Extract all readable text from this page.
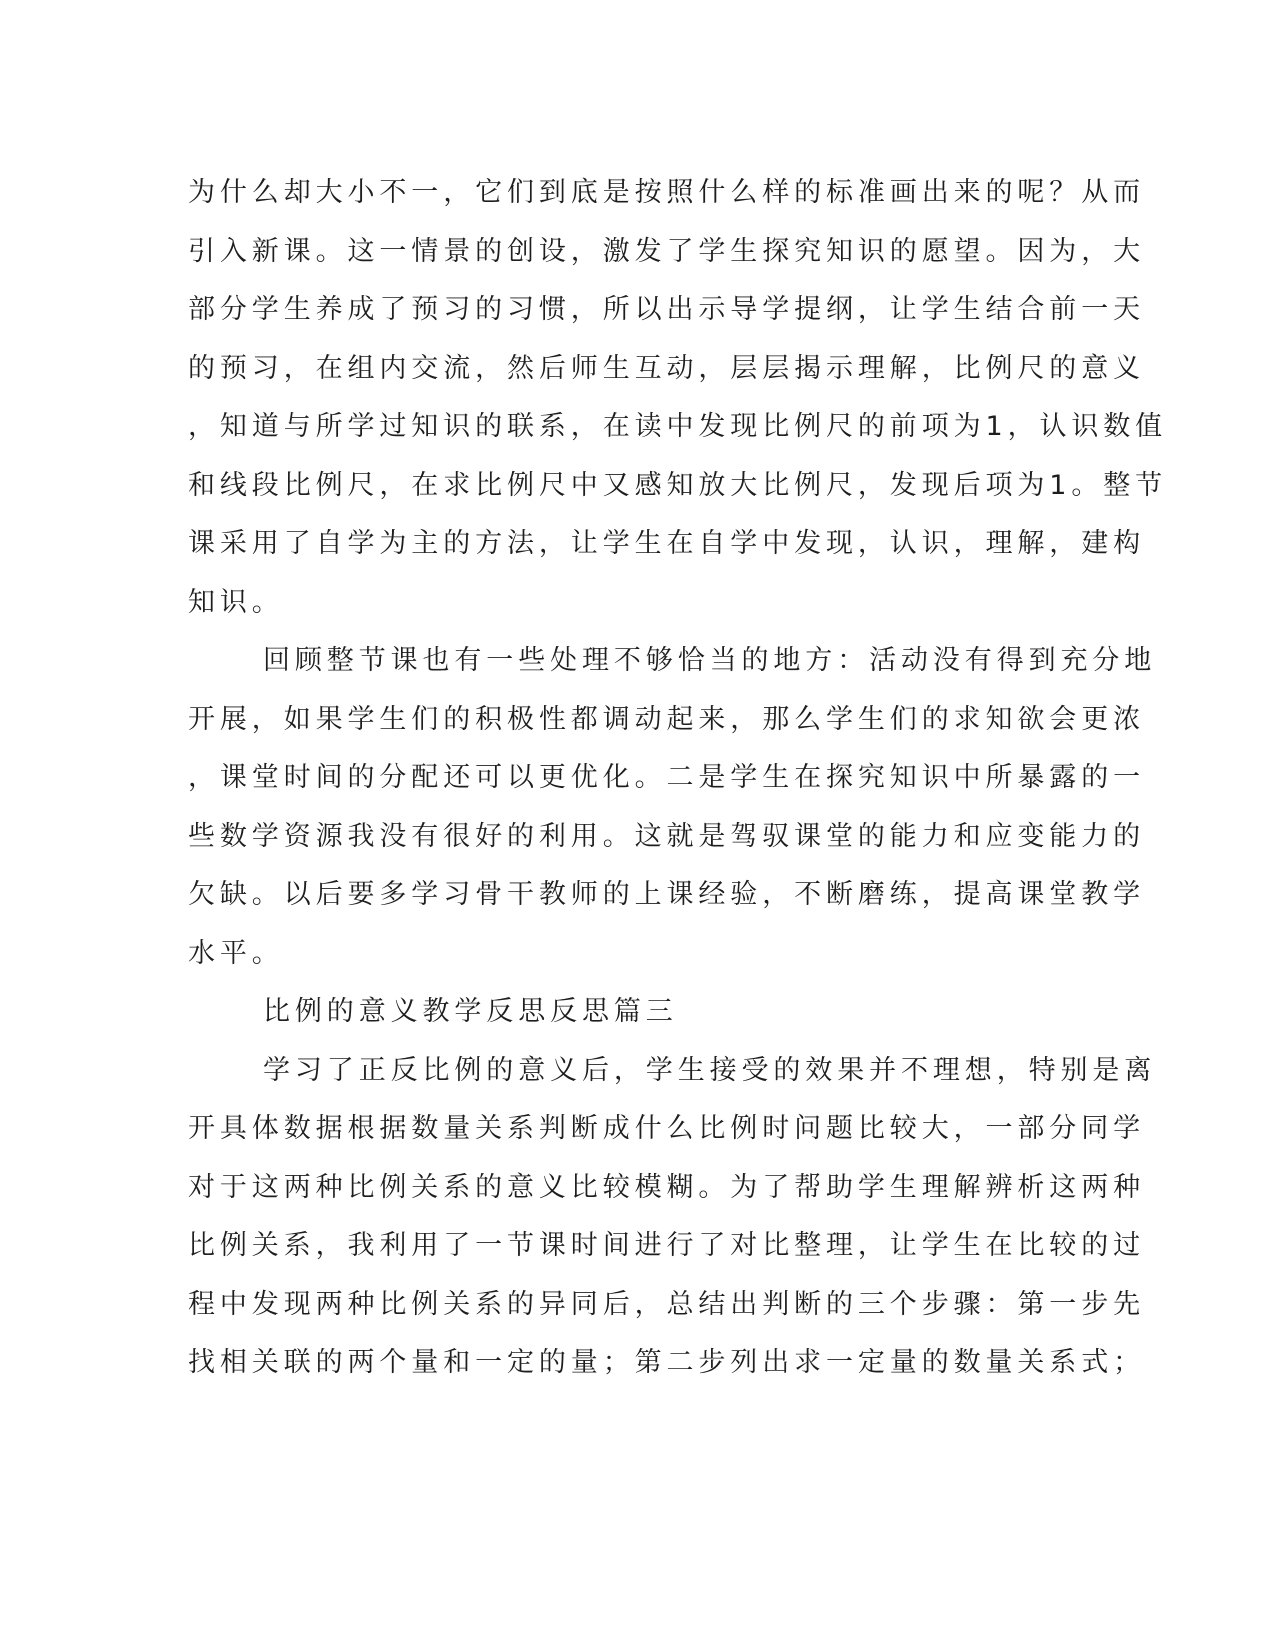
为什么却大小不一，它们到底是按照什么样的标准画出来的呢？从而
引入新课。这一情景的创设，激发了学生探究知识的愿望。因为，大
部分学生养成了预习的习惯，所以出示导学提纲，让学生结合前一天
的预习，在组内交流，然后师生互动，层层揭示理解，比例尺的意义
，知道与所学过知识的联系，在读中发现比例尺的前项为1，认识数值
和线段比例尺，在求比例尺中又感知放大比例尺，发现后项为1。整节
课采用了自学为主的方法，让学生在自学中发现，认识，理解，建构
知识。
回顾整节课也有一些处理不够恰当的地方：活动没有得到充分地
开展，如果学生们的积极性都调动起来，那么学生们的求知欲会更浓
，课堂时间的分配还可以更优化。二是学生在探究知识中所暴露的一
些数学资源我没有很好的利用。这就是驾驭课堂的能力和应变能力的
欠缺。以后要多学习骨干教师的上课经验，不断磨练，提高课堂教学
水平。
比例的意义教学反思反思篇三
学习了正反比例的意义后，学生接受的效果并不理想，特别是离
开具体数据根据数量关系判断成什么比例时问题比较大，一部分同学
对于这两种比例关系的意义比较模糊。为了帮助学生理解辨析这两种
比例关系，我利用了一节课时间进行了对比整理，让学生在比较的过
程中发现两种比例关系的异同后，总结出判断的三个步骤：第一步先
找相关联的两个量和一定的量；第二步列出求一定量的数量关系式；
